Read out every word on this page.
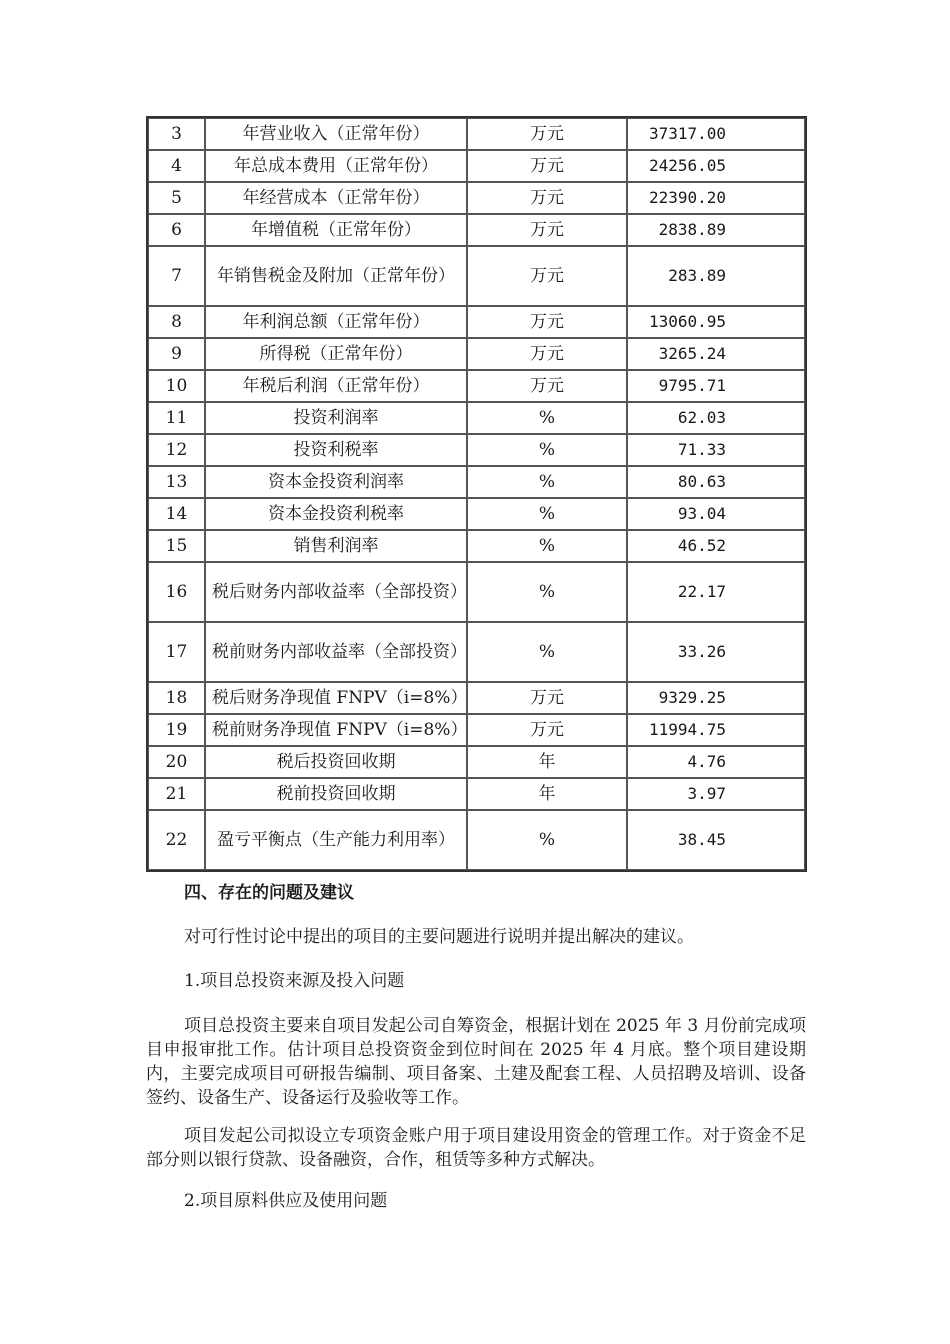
3	年营业收入（正常年份）	万元	37317.00
4	年总成本费用（正常年份）	万元	24256.05
5	年经营成本（正常年份）	万元	22390.20
6	年增值税（正常年份）	万元	2838.89
7	年销售税金及附加（正常年份）	万元	283.89
8	年利润总额（正常年份）	万元	13060.95
9	所得税（正常年份）	万元	3265.24
10	年税后利润（正常年份）	万元	9795.71
11	投资利润率	%	62.03
12	投资利税率	%	71.33
13	资本金投资利润率	%	80.63
14	资本金投资利税率	%	93.04
15	销售利润率	%	46.52
16	税后财务内部收益率（全部投资）	%	22.17
17	税前财务内部收益率（全部投资）	%	33.26
18	税后财务净现值 FNPV（i=8%）	万元	9329.25
19	税前财务净现值 FNPV（i=8%）	万元	11994.75
20	税后投资回收期	年	4.76
21	税前投资回收期	年	3.97
22	盈亏平衡点（生产能力利用率）	%	38.45
四、存在的问题及建议
对可行性讨论中提出的项目的主要问题进行说明并提出解决的建议。
1.项目总投资来源及投入问题
项目总投资主要来自项目发起公司自筹资金，根据计划在 2025 年 3 月份前完成项目申报审批工作。估计项目总投资资金到位时间在 2025 年 4 月底。整个项目建设期内，主要完成项目可研报告编制、项目备案、土建及配套工程、人员招聘及培训、设备签约、设备生产、设备运行及验收等工作。
项目发起公司拟设立专项资金账户用于项目建设用资金的管理工作。对于资金不足部分则以银行贷款、设备融资，合作，租赁等多种方式解决。
2.项目原料供应及使用问题
